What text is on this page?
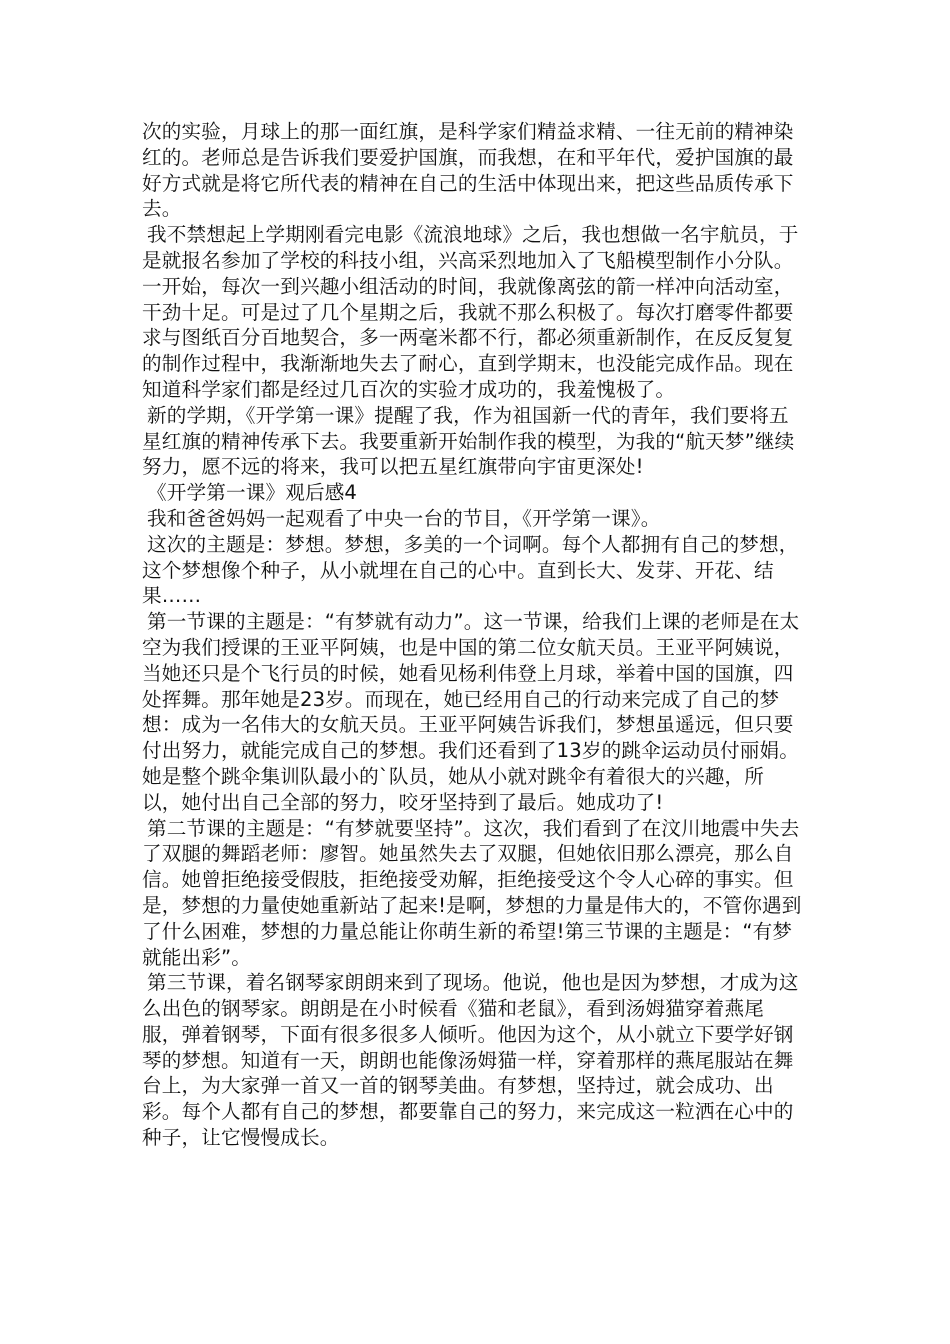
次的实验，月球上的那一面红旗，是科学家们精益求精、一往无前的精神染红的。老师总是告诉我们要爱护国旗，而我想，在和平年代，爱护国旗的最好方式就是将它所代表的精神在自己的生活中体现出来，把这些品质传承下去。

我不禁想起上学期刚看完电影《流浪地球》之后，我也想做一名宇航员，于是就报名参加了学校的科技小组，兴高采烈地加入了飞船模型制作小分队。一开始，每次一到兴趣小组活动的时间，我就像离弦的箭一样冲向活动室，干劲十足。可是过了几个星期之后，我就不那么积极了。每次打磨零件都要求与图纸百分百地契合，多一两毫米都不行，都必须重新制作，在反反复复的制作过程中，我渐渐地失去了耐心，直到学期末，也没能完成作品。现在知道科学家们都是经过几百次的实验才成功的，我羞愧极了。

新的学期，《开学第一课》提醒了我，作为祖国新一代的青年，我们要将五星红旗的精神传承下去。我要重新开始制作我的模型，为我的“航天梦”继续努力，愿不远的将来，我可以把五星红旗带向宇宙更深处!

《开学第一课》观后感4

我和爸爸妈妈一起观看了中央一台的节目，《开学第一课》。

这次的主题是：梦想。梦想，多美的一个词啊。每个人都拥有自己的梦想，这个梦想像个种子，从小就埋在自己的心中。直到长大、发芽、开花、结果……

第一节课的主题是：“有梦就有动力”。这一节课，给我们上课的老师是在太空为我们授课的王亚平阿姨，也是中国的第二位女航天员。王亚平阿姨说，当她还只是个飞行员的时候，她看见杨利伟登上月球，举着中国的国旗，四处挥舞。那年她是23岁。而现在，她已经用自己的行动来完成了自己的梦想：成为一名伟大的女航天员。王亚平阿姨告诉我们，梦想虽遥远，但只要付出努力，就能完成自己的梦想。我们还看到了13岁的跳伞运动员付丽娟。她是整个跳伞集训队最小的`队员，她从小就对跳伞有着很大的兴趣，所以，她付出自己全部的努力，咬牙坚持到了最后。她成功了!

第二节课的主题是：“有梦就要坚持”。这次，我们看到了在汶川地震中失去了双腿的舞蹈老师：廖智。她虽然失去了双腿，但她依旧那么漂亮，那么自信。她曾拒绝接受假肢，拒绝接受劝解，拒绝接受这个令人心碎的事实。但是，梦想的力量使她重新站了起来!是啊，梦想的力量是伟大的，不管你遇到了什么困难，梦想的力量总能让你萌生新的希望!第三节课的主题是：“有梦就能出彩”。

第三节课，着名钢琴家朗朗来到了现场。他说，他也是因为梦想，才成为这么出色的钢琴家。朗朗是在小时候看《猫和老鼠》，看到汤姆猫穿着燕尾服，弹着钢琴，下面有很多很多人倾听。他因为这个，从小就立下要学好钢琴的梦想。知道有一天，朗朗也能像汤姆猫一样，穿着那样的燕尾服站在舞台上，为大家弹一首又一首的钢琴美曲。有梦想，坚持过，就会成功、出彩。每个人都有自己的梦想，都要靠自己的努力，来完成这一粒洒在心中的种子，让它慢慢成长。
